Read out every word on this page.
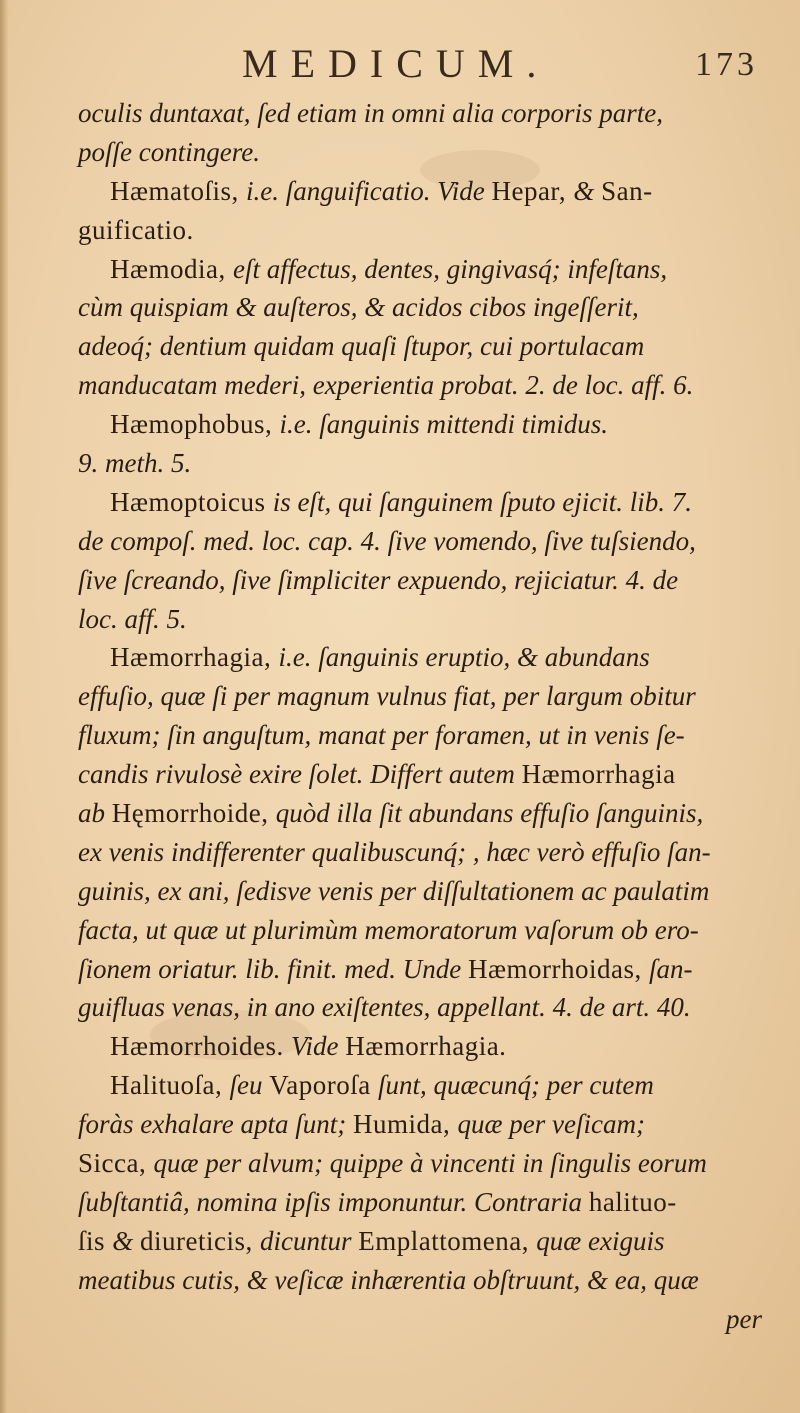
MEDICUM.	173
oculis duntaxat, ſed etiam in omni alia corporis parte,
poſſe contingere.
Hæmatoſis, i.e. ſanguificatio. Vide Hepar, & San-
guificatio.
Hæmodia, eſt affectus, dentes, gingivasq́; infeſtans,
cùm quispiam & auſteros, & acidos cibos ingeſſerit,
adeoq́; dentium quidam quaſi ſtupor, cui portulacam
manducatam mederi, experientia probat. 2. de loc. aff. 6.
Hæmophobus, i.e. ſanguinis mittendi timidus.
9. meth. 5.
Hæmoptoicus is eſt, qui ſanguinem ſputo ejicit. lib. 7.
de compoſ. med. loc. cap. 4. ſive vomendo, ſive tuſsiendo,
ſive ſcreando, ſive ſimpliciter expuendo, rejiciatur. 4. de
loc. aff. 5.
Hæmorrhagia, i.e. ſanguinis eruptio, & abundans
effuſio, quæ ſi per magnum vulnus fiat, per largum obitur
fluxum; ſin anguſtum, manat per foramen, ut in venis ſe-
candis rivulosè exire ſolet. Differt autem Hæmorrhagia
ab Hęmorrhoide, quòd illa ſit abundans effuſio ſanguinis,
ex venis indifferenter qualibuscunq́; , hæc verò effuſio ſan-
guinis, ex ani, ſedisve venis per diſſultationem ac paulatim
facta, ut quæ ut plurimùm memoratorum vaſorum ob ero-
ſionem oriatur. lib. finit. med. Unde Hæmorrhoidas, ſan-
guifluas venas, in ano exiſtentes, appellant. 4. de art. 40.
Hæmorrhoides. Vide Hæmorrhagia.
Halituoſa, ſeu Vaporoſa ſunt, quæcunq́; per cutem
foràs exhalare apta ſunt; Humida, quæ per veſicam;
Sicca, quæ per alvum; quippe à vincenti in ſingulis eorum
ſubſtantiâ, nomina ipſis imponuntur. Contraria halituo-
ſis & diureticis, dicuntur Emplattomena, quæ exiguis
meatibus cutis, & veſicæ inhærentia obſtruunt, & ea, quæ
per
